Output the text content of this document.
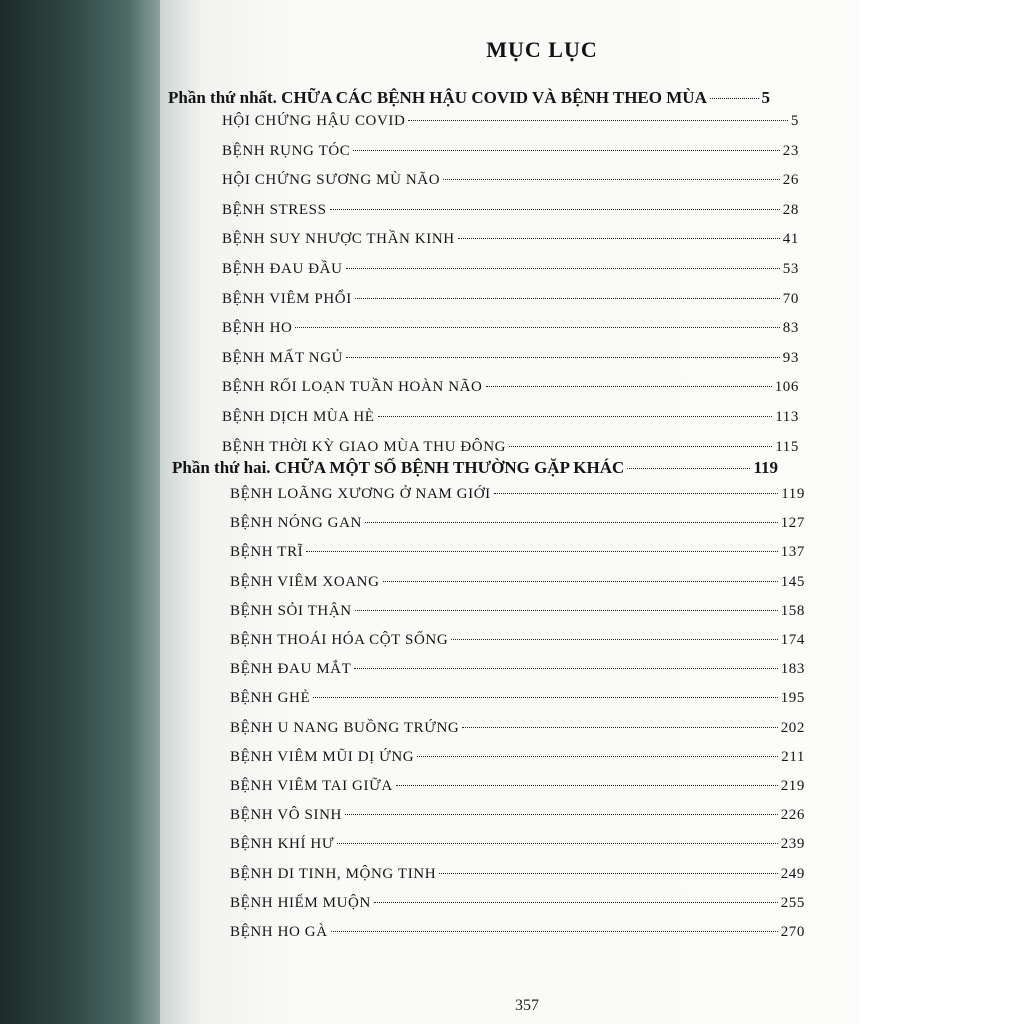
MỤC LỤC
Phần thứ nhất. CHỮA CÁC BỆNH HẬU COVID VÀ BỆNH THEO MÙA	5
HỘI CHỨNG HẬU COVID	5
BỆNH RỤNG TÓC	23
HỘI CHỨNG SƯƠNG MÙ NÃO	26
BỆNH STRESS	28
BỆNH SUY NHƯỢC THẦN KINH	41
BỆNH ĐAU ĐẦU	53
BỆNH VIÊM PHỔI	70
BỆNH HO	83
BỆNH MẤT NGỦ	93
BỆNH RỐI LOẠN TUẦN HOÀN NÃO	106
BỆNH DỊCH MÙA HÈ	113
BỆNH THỜI KỲ GIAO MÙA THU ĐÔNG	115
Phần thứ hai. CHỮA MỘT SỐ BỆNH THƯỜNG GẶP KHÁC	119
BỆNH LOÃNG XƯƠNG Ở NAM GIỚI	119
BỆNH NÓNG GAN	127
BỆNH TRĨ	137
BỆNH VIÊM XOANG	145
BỆNH SỎI THẬN	158
BỆNH THOÁI HÓA CỘT SỐNG	174
BỆNH ĐAU MẮT	183
BỆNH GHẺ	195
BỆNH U NANG BUỒNG TRỨNG	202
BỆNH VIÊM MŨI DỊ ỨNG	211
BỆNH VIÊM TAI GIỮA	219
BỆNH VÔ SINH	226
BỆNH KHÍ HƯ	239
BỆNH DI TINH, MỘNG TINH	249
BỆNH HIẾM MUỘN	255
BỆNH HO GÀ	270
357
